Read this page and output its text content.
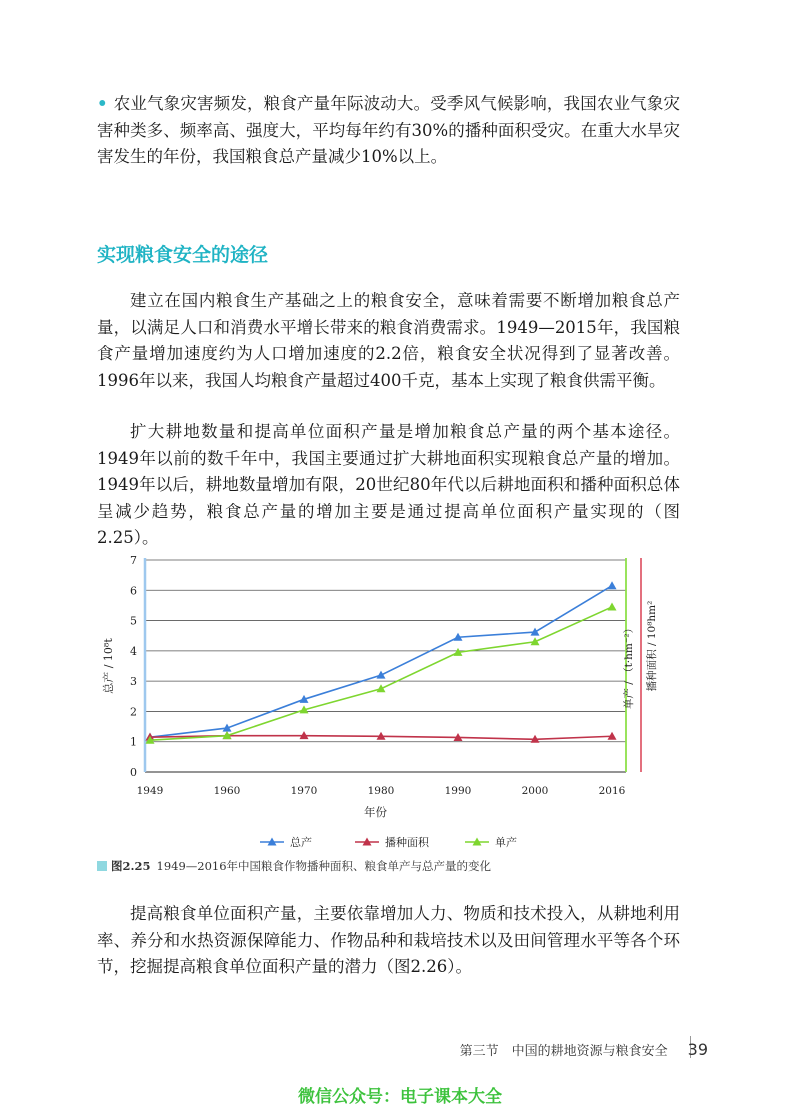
• 农业气象灾害频发，粮食产量年际波动大。受季风气候影响，我国农业气象灾害种类多、频率高、强度大，平均每年约有30%的播种面积受灾。在重大水旱灾害发生的年份，我国粮食总产量减少10%以上。

实现粮食安全的途径

建立在国内粮食生产基础之上的粮食安全，意味着需要不断增加粮食总产量，以满足人口和消费水平增长带来的粮食消费需求。1949—2015年，我国粮食产量增加速度约为人口增加速度的2.2倍，粮食安全状况得到了显著改善。1996年以来，我国人均粮食产量超过400千克，基本上实现了粮食供需平衡。

扩大耕地数量和提高单位面积产量是增加粮食总产量的两个基本途径。1949年以前的数千年中，我国主要通过扩大耕地面积实现粮食总产量的增加。1949年以后，耕地数量增加有限，20世纪80年代以后耕地面积和播种面积总体呈减少趋势，粮食总产量的增加主要是通过提高单位面积产量实现的（图2.25）。

0
1
2
3
4
5
6
7
1949	1960	1970	1980	1990	2000	2016
年份
总产 / 10⁸t	单产 / （t·hm⁻²） 播种面积 / 10⁸hm²
总产	播种面积	单产
图2.25 1949—2016年中国粮食作物播种面积、粮食单产与总产量的变化

提高粮食单位面积产量，主要依靠增加人力、物质和技术投入，从耕地利用率、养分和水热资源保障能力、作物品种和栽培技术以及田间管理水平等各个环节，挖掘提高粮食单位面积产量的潜力（图2.26）。

第三节　中国的耕地资源与粮食安全 39
微信公众号：电子课本大全
